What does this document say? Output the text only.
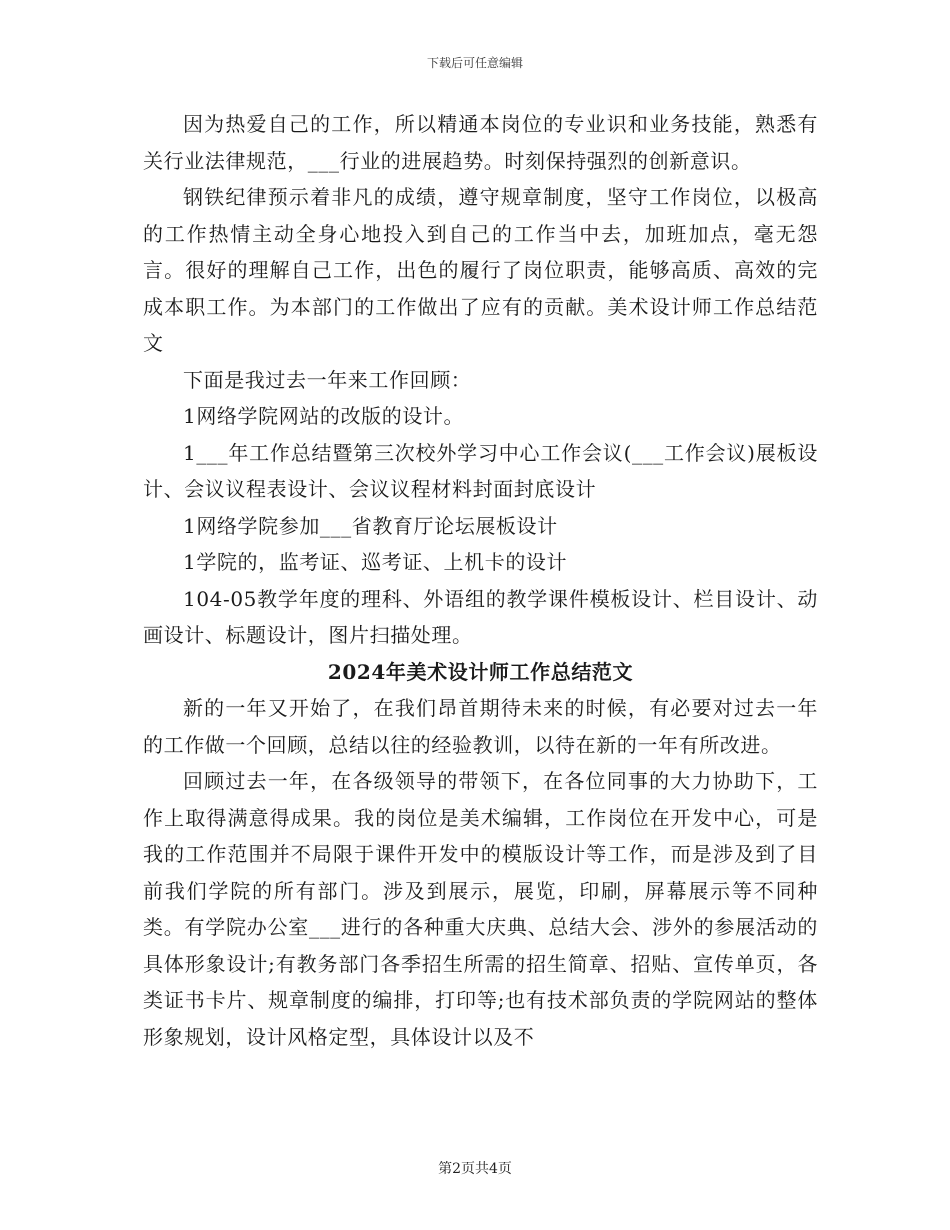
下载后可任意编辑

因为热爱自己的工作，所以精通本岗位的专业识和业务技能，熟悉有关行业法律规范，___行业的进展趋势。时刻保持强烈的创新意识。

钢铁纪律预示着非凡的成绩，遵守规章制度，坚守工作岗位，以极高的工作热情主动全身心地投入到自己的工作当中去，加班加点，毫无怨言。很好的理解自己工作，出色的履行了岗位职责，能够高质、高效的完成本职工作。为本部门的工作做出了应有的贡献。美术设计师工作总结范文

下面是我过去一年来工作回顾：

1网络学院网站的改版的设计。

1___年工作总结暨第三次校外学习中心工作会议(___工作会议)展板设计、会议议程表设计、会议议程材料封面封底设计

1网络学院参加___省教育厅论坛展板设计

1学院的，监考证、巡考证、上机卡的设计

104-05教学年度的理科、外语组的教学课件模板设计、栏目设计、动画设计、标题设计，图片扫描处理。

2024年美术设计师工作总结范文

新的一年又开始了，在我们昂首期待未来的时候，有必要对过去一年的工作做一个回顾，总结以往的经验教训，以待在新的一年有所改进。

回顾过去一年，在各级领导的带领下，在各位同事的大力协助下，工作上取得满意得成果。我的岗位是美术编辑，工作岗位在开发中心，可是我的工作范围并不局限于课件开发中的模版设计等工作，而是涉及到了目前我们学院的所有部门。涉及到展示，展览，印刷，屏幕展示等不同种类。有学院办公室___进行的各种重大庆典、总结大会、涉外的参展活动的具体形象设计;有教务部门各季招生所需的招生简章、招贴、宣传单页，各类证书卡片、规章制度的编排，打印等;也有技术部负责的学院网站的整体形象规划，设计风格定型，具体设计以及不

第2页共4页
